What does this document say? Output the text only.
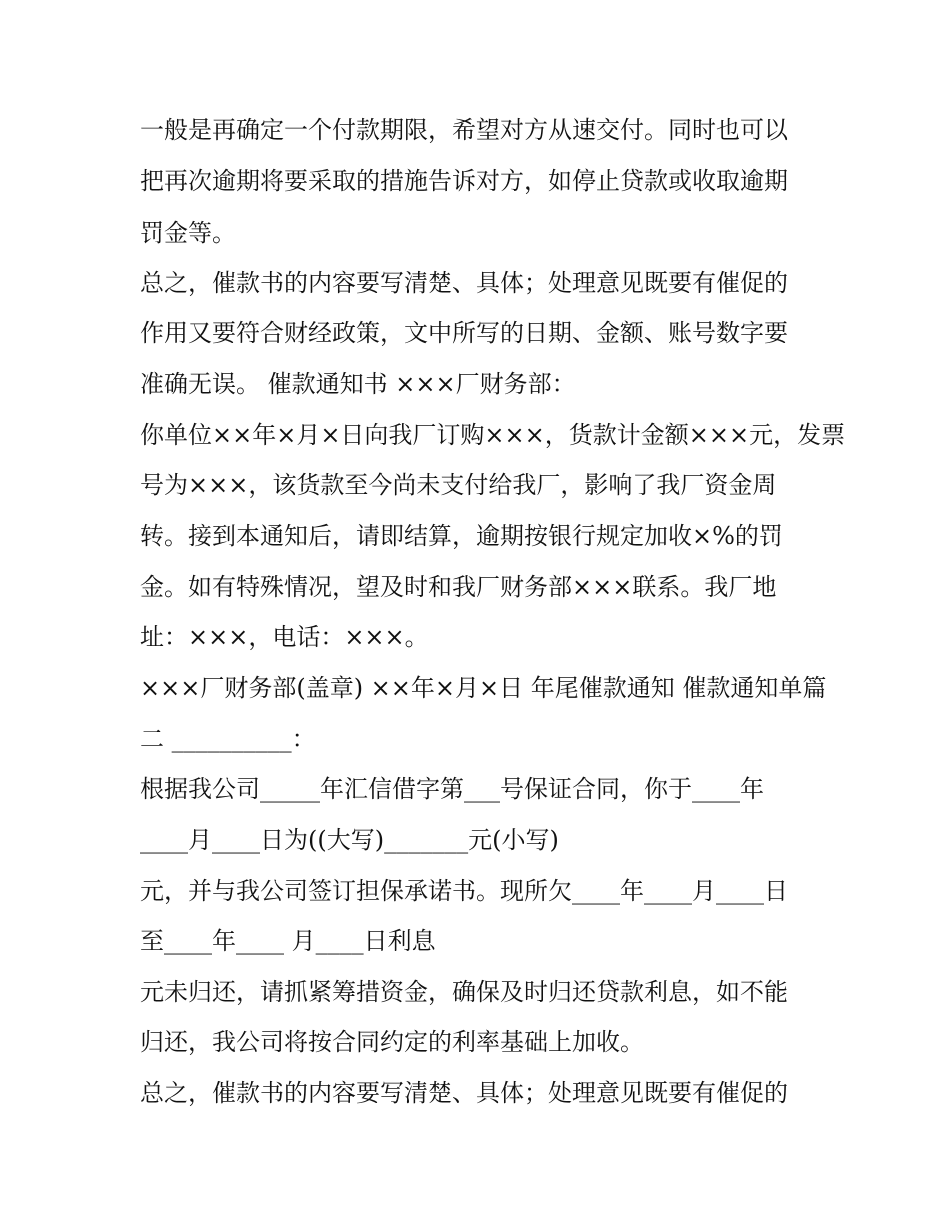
一般是再确定一个付款期限，希望对方从速交付。同时也可以
把再次逾期将要采取的措施告诉对方，如停止贷款或收取逾期
罚金等。
总之，催款书的内容要写清楚、具体；处理意见既要有催促的
作用又要符合财经政策，文中所写的日期、金额、账号数字要
准确无误。 催款通知书 ×××厂财务部：
你单位××年×月×日向我厂订购×××，货款计金额×××元，发票
号为×××，该货款至今尚未支付给我厂，影响了我厂资金周
转。接到本通知后，请即结算，逾期按银行规定加收×%的罚
金。如有特殊情况，望及时和我厂财务部×××联系。我厂地
址：×××，电话：×××。
×××厂财务部(盖章) ××年×月×日 年尾催款通知 催款通知单篇
二 __________：
根据我公司_____年汇信借字第___号保证合同，你于____年
____月____日为((大写)_______元(小写)
元，并与我公司签订担保承诺书。现所欠____年____月____日
至____年____ 月____日利息
元未归还，请抓紧筹措资金，确保及时归还贷款利息，如不能
归还，我公司将按合同约定的利率基础上加收。
总之，催款书的内容要写清楚、具体；处理意见既要有催促的
